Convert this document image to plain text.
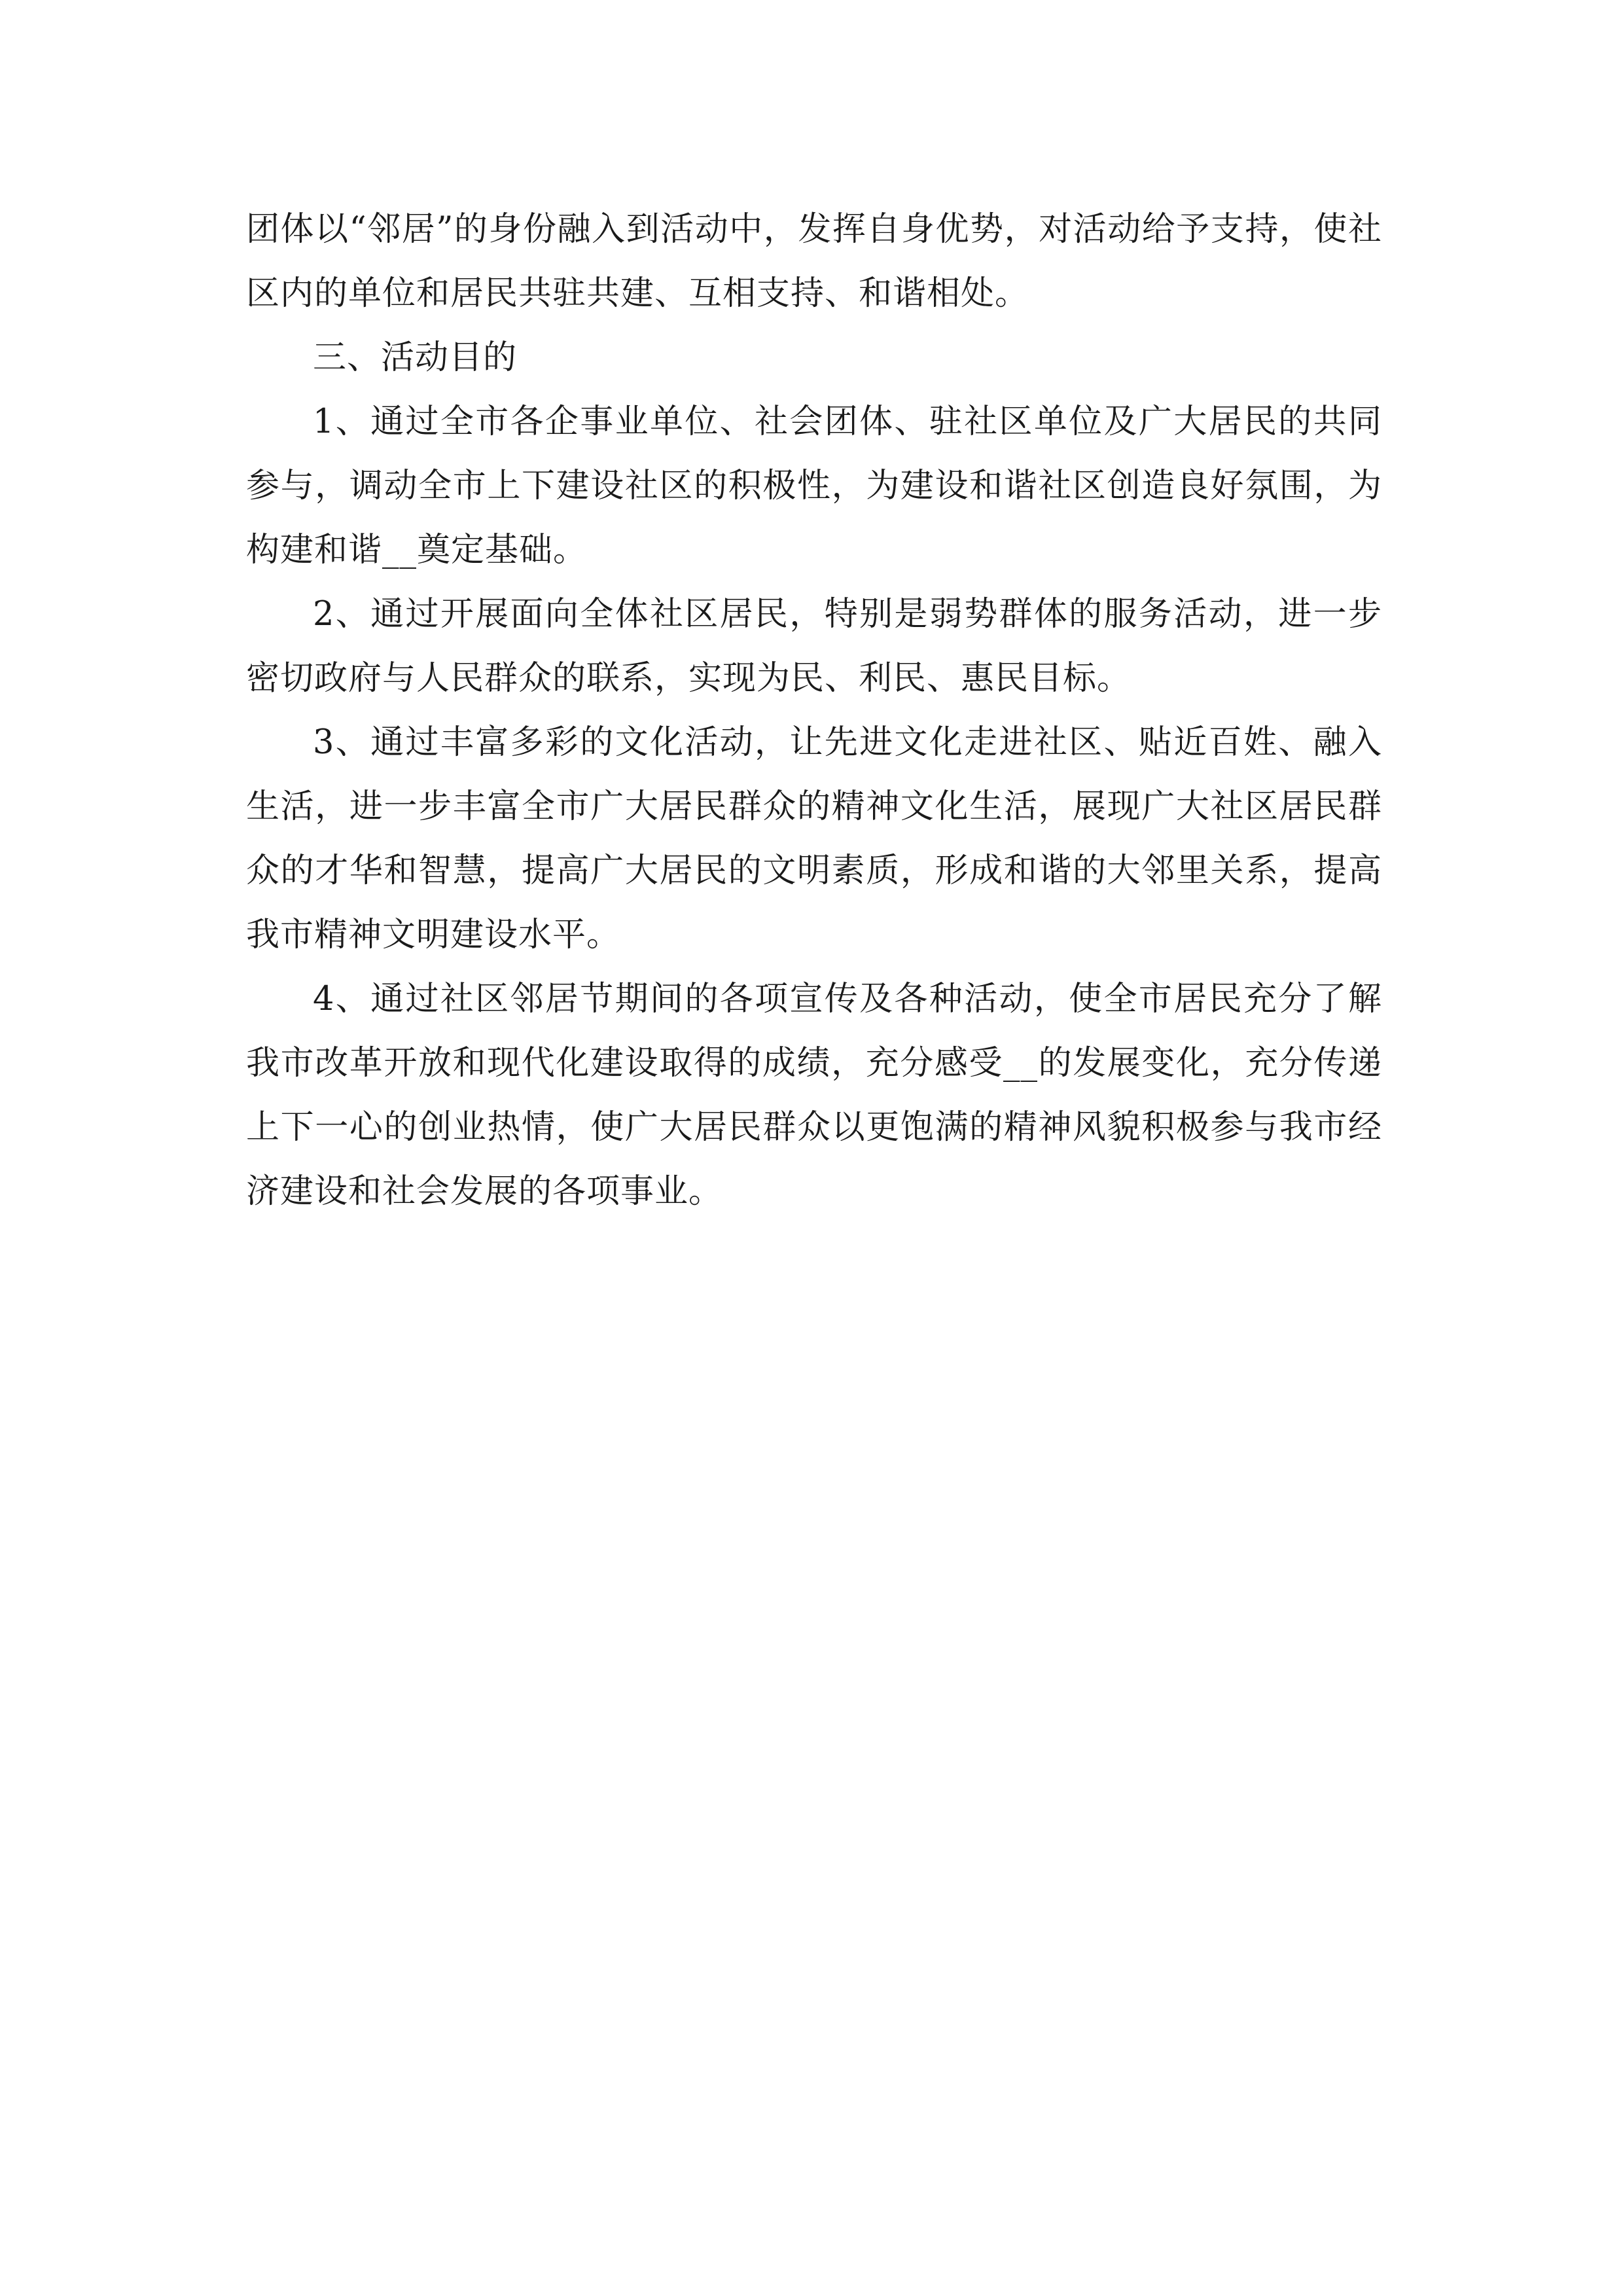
团体以“邻居”的身份融入到活动中，发挥自身优势，对活动给予支持，使社区内的单位和居民共驻共建、互相支持、和谐相处。

三、活动目的

1、通过全市各企事业单位、社会团体、驻社区单位及广大居民的共同参与，调动全市上下建设社区的积极性，为建设和谐社区创造良好氛围，为构建和谐__奠定基础。

2、通过开展面向全体社区居民，特别是弱势群体的服务活动，进一步密切政府与人民群众的联系，实现为民、利民、惠民目标。

3、通过丰富多彩的文化活动，让先进文化走进社区、贴近百姓、融入生活，进一步丰富全市广大居民群众的精神文化生活，展现广大社区居民群众的才华和智慧，提高广大居民的文明素质，形成和谐的大邻里关系，提高我市精神文明建设水平。

4、通过社区邻居节期间的各项宣传及各种活动，使全市居民充分了解我市改革开放和现代化建设取得的成绩，充分感受__的发展变化，充分传递上下一心的创业热情，使广大居民群众以更饱满的精神风貌积极参与我市经济建设和社会发展的各项事业。
